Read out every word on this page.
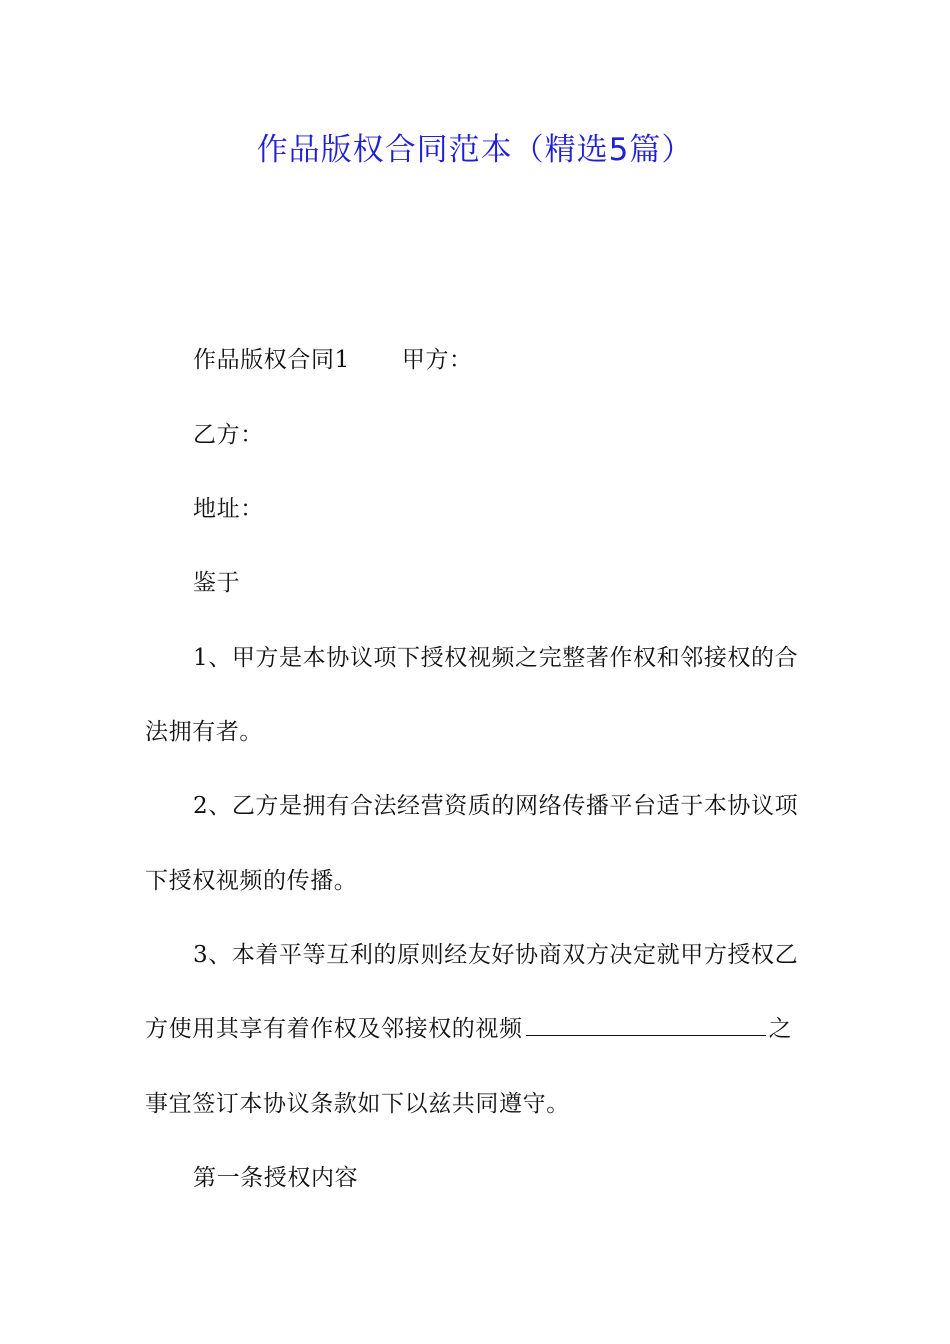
作品版权合同范本（精选5篇）
作品版权合同1 甲方：
乙方：
地址：
鉴于
1、甲方是本协议项下授权视频之完整著作权和邻接权的合
法拥有者。
2、乙方是拥有合法经营资质的网络传播平台适于本协议项
下授权视频的传播。
3、本着平等互利的原则经友好协商双方决定就甲方授权乙
方使用其享有着作权及邻接权的视频	之
事宜签订本协议条款如下以兹共同遵守。
第一条授权内容
